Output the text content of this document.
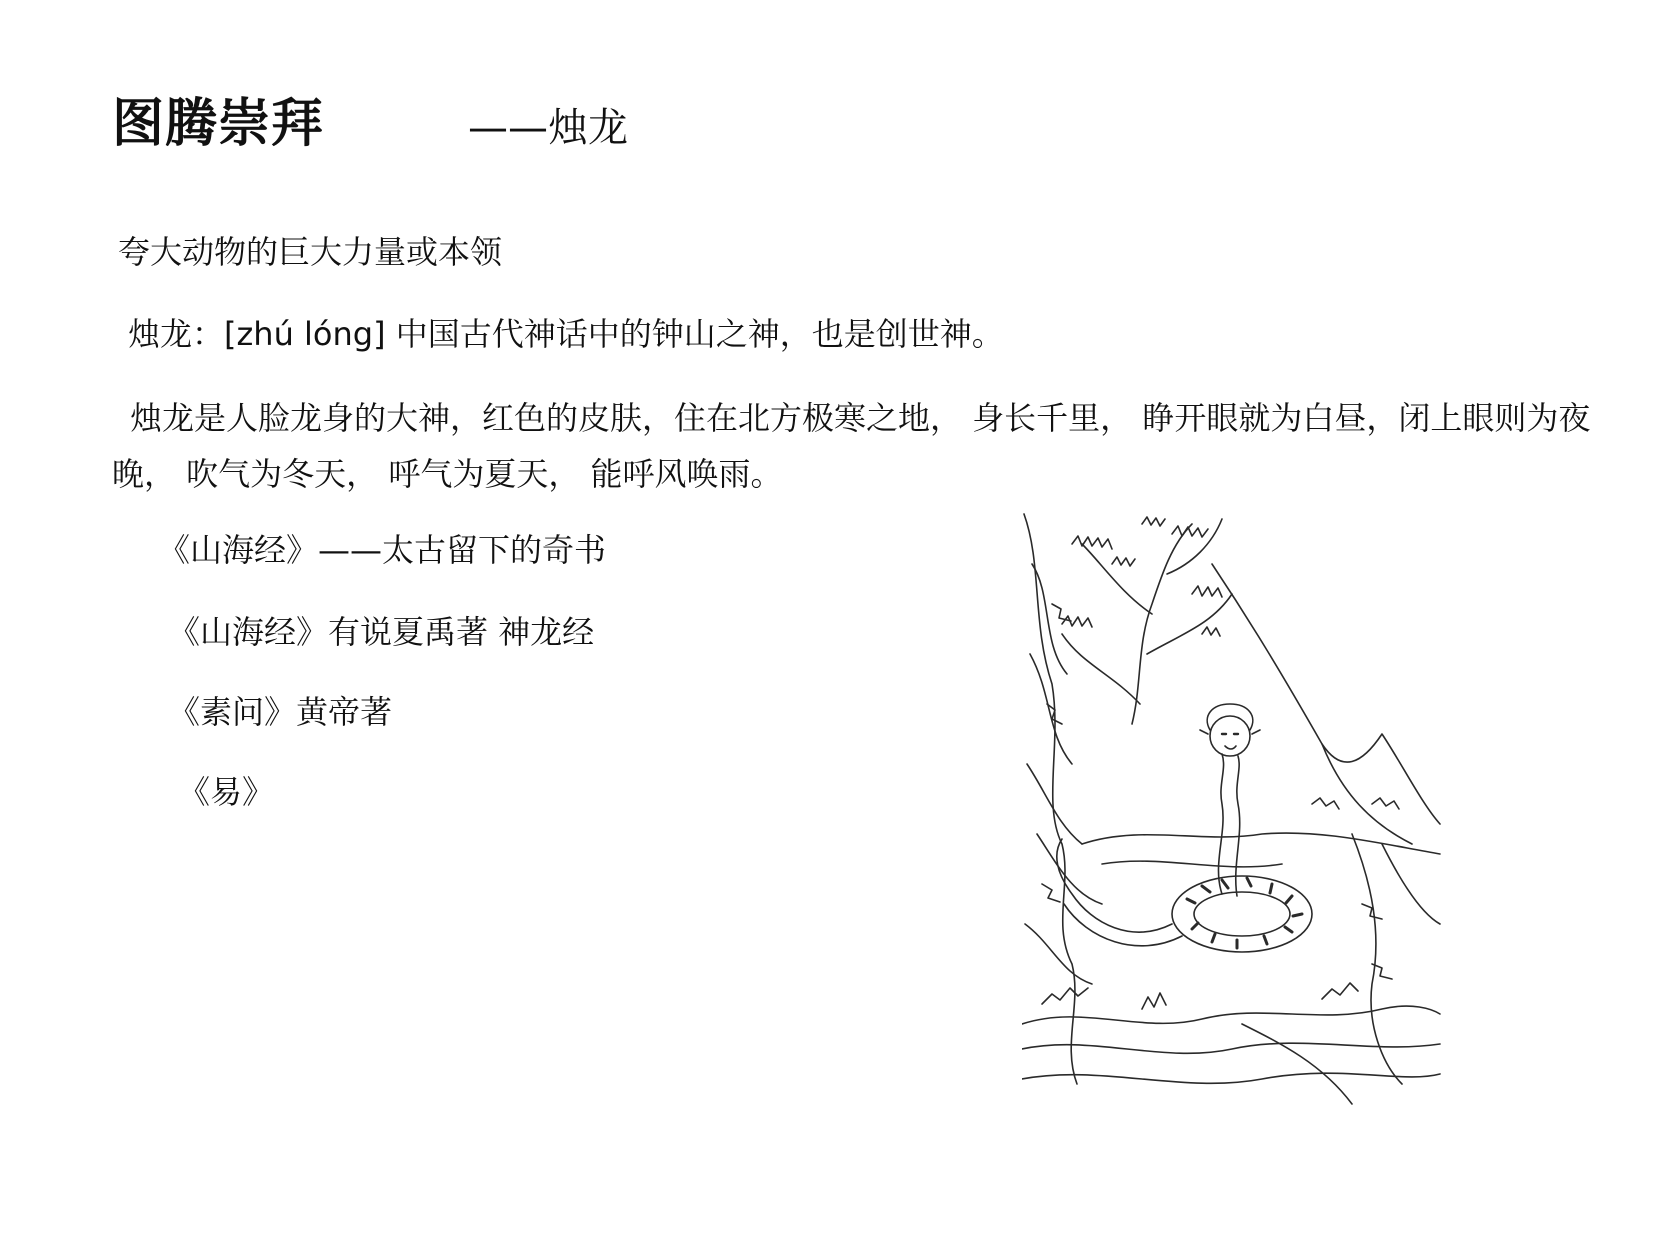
图腾崇拜	——烛龙
夸大动物的巨大力量或本领
烛龙：[zhú lóng] 中国古代神话中的钟山之神，也是创世神。
烛龙是人脸龙身的大神，红色的皮肤，住在北方极寒之地， 身长千里， 睁开眼就为白昼，闭上眼则为夜晚， 吹气为冬天， 呼气为夏天， 能呼风唤雨。
《山海经》——太古留下的奇书
《山海经》有说夏禹著 神龙经
《素问》黄帝著
《易》
